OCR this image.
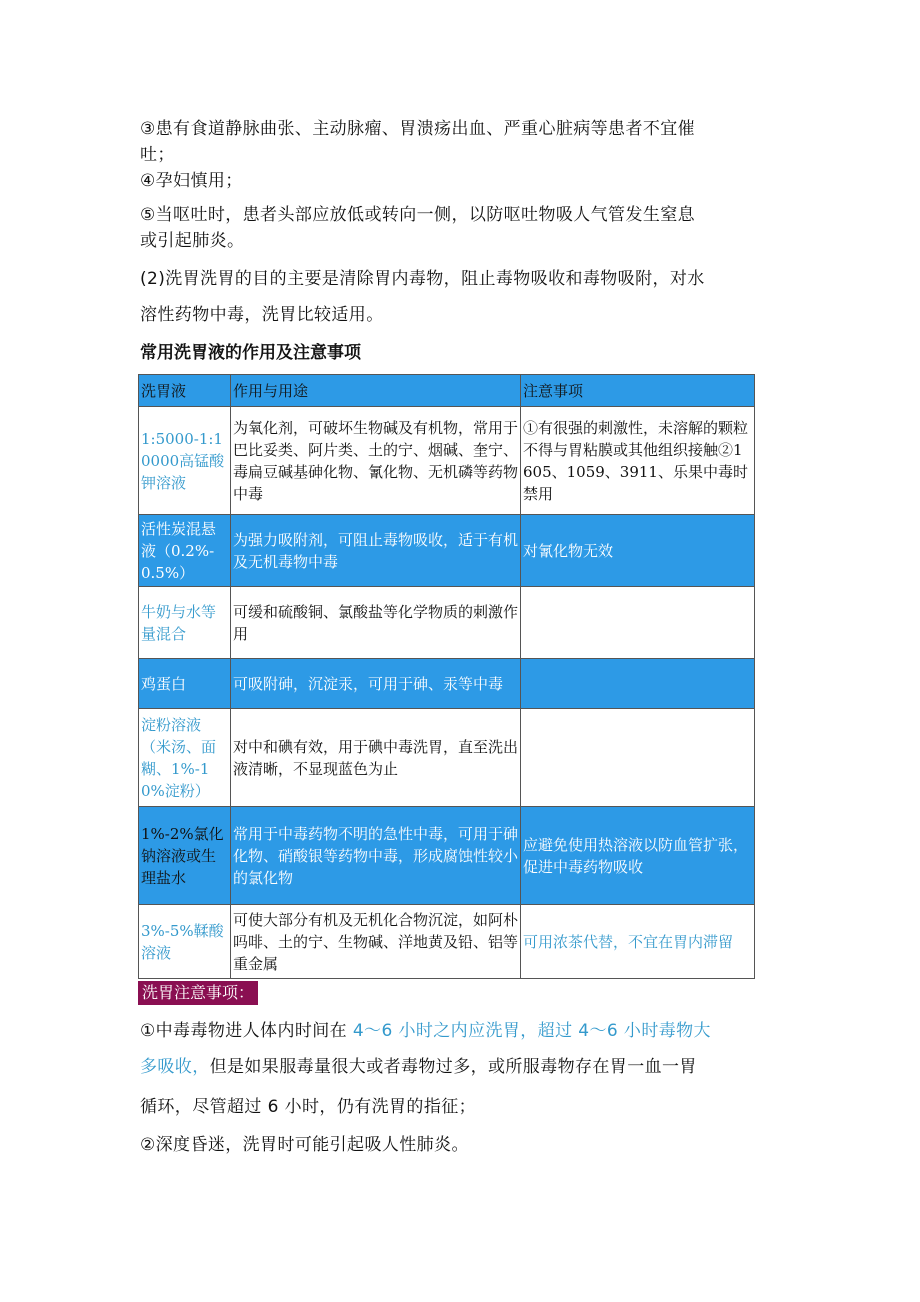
③患有食道静脉曲张、主动脉瘤、胃溃疡出血、严重心脏病等患者不宜催
吐；
④孕妇慎用；
⑤当呕吐时，患者头部应放低或转向一侧，以防呕吐物吸人气管发生窒息
或引起肺炎。
(2)洗胃洗胃的目的主要是清除胃内毒物，阻止毒物吸收和毒物吸附，对水
溶性药物中毒，洗胃比较适用。
常用洗胃液的作用及注意事项
洗胃液	作用与用途	注意事项
1:5000-1:10000高锰酸钾溶液	为氧化剂，可破坏生物碱及有机物，常用于巴比妥类、阿片类、土的宁、烟碱、奎宁、毒扁豆碱基砷化物、氰化物、无机磷等药物中毒	①有很强的刺激性，未溶解的颗粒不得与胃粘膜或其他组织接触②1605、1059、3911、乐果中毒时禁用
活性炭混悬液（0.2%-0.5%）	为强力吸附剂，可阻止毒物吸收，适于有机及无机毒物中毒	对氰化物无效
牛奶与水等量混合	可缓和硫酸铜、氯酸盐等化学物质的刺激作用	
鸡蛋白	可吸附砷，沉淀汞，可用于砷、汞等中毒	
淀粉溶液（米汤、面糊、1%-10%淀粉）	对中和碘有效，用于碘中毒洗胃，直至洗出液清晰，不显现蓝色为止	
1%-2%氯化钠溶液或生理盐水	常用于中毒药物不明的急性中毒，可用于砷化物、硝酸银等药物中毒，形成腐蚀性较小的氯化物	应避免使用热溶液以防血管扩张，促进中毒药物吸收
3%-5%鞣酸溶液	可使大部分有机及无机化合物沉淀，如阿朴吗啡、土的宁、生物碱、洋地黄及铅、铝等重金属	可用浓茶代替，不宜在胃内滞留
洗胃注意事项：
①中毒毒物进人体内时间在 4～6 小时之内应洗胃，超过 4～6 小时毒物大
多吸收，但是如果服毒量很大或者毒物过多，或所服毒物存在胃一血一胃
循环，尽管超过 6 小时，仍有洗胃的指征；
②深度昏迷，洗胃时可能引起吸人性肺炎。
